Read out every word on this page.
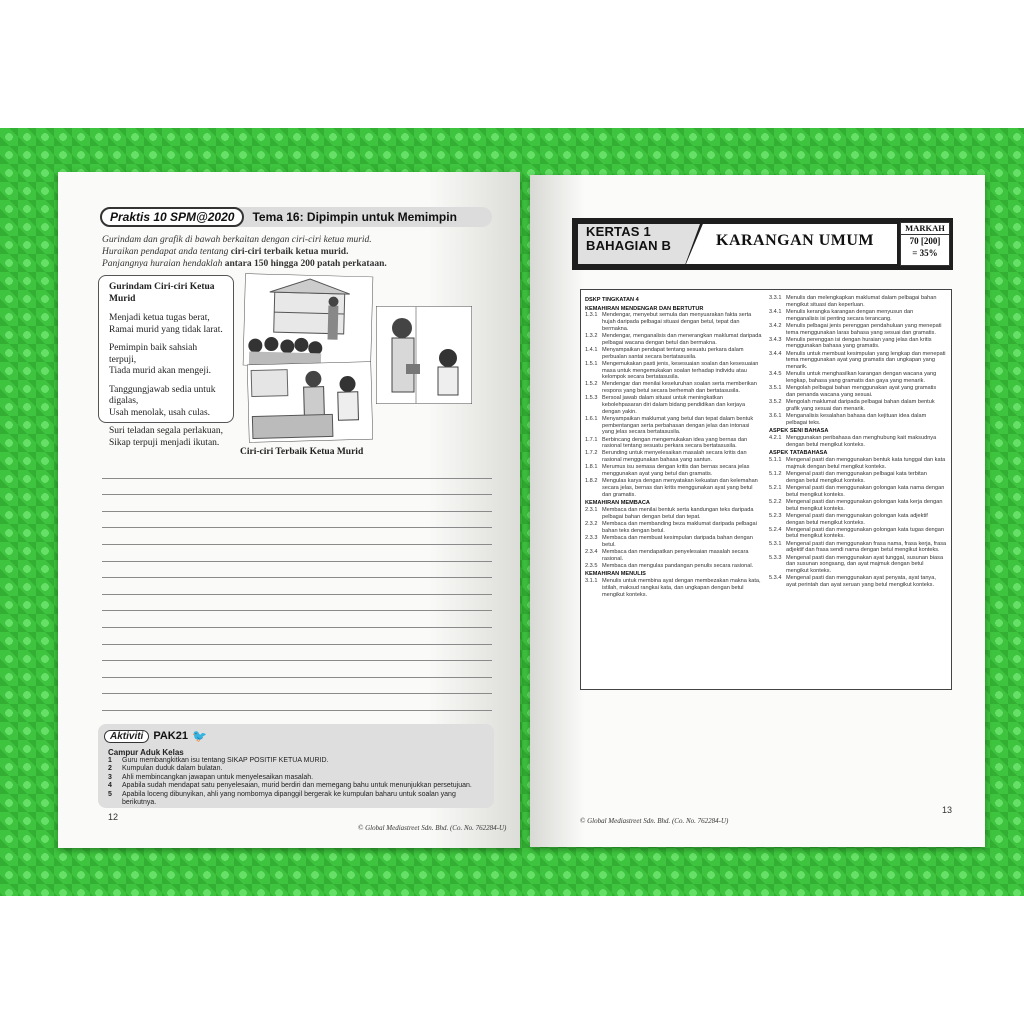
Praktis 10 SPM@2020	Tema 16: Dipimpin untuk Memimpin
Gurindam dan grafik di bawah berkaitan dengan ciri-ciri ketua murid.
Huraikan pendapat anda tentang ciri-ciri terbaik ketua murid.
Panjangnya huraian hendaklah antara 150 hingga 200 patah perkataan.
Gurindam Ciri-ciri Ketua Murid
Menjadi ketua tugas berat,
Ramai murid yang tidak larat.
Pemimpin baik sahsiah terpuji,
Tiada murid akan mengeji.
Tanggungjawab sedia untuk digalas,
Usah menolak, usah culas.
Suri teladan segala perlakuan,
Sikap terpuji menjadi ikutan.
Ciri-ciri Terbaik Ketua Murid
Aktiviti PAK21 🐦
Campur Aduk Kelas
1 Guru membangkitkan isu tentang SIKAP POSITIF KETUA MURID.
2 Kumpulan duduk dalam bulatan.
3 Ahli membincangkan jawapan untuk menyelesaikan masalah.
4 Apabila sudah mendapat satu penyelesaian, murid berdiri dan memegang bahu untuk menunjukkan persetujuan.
5 Apabila loceng dibunyikan, ahli yang nombornya dipanggil bergerak ke kumpulan baharu untuk soalan yang berikutnya.
12
© Global Mediastreet Sdn. Bhd. (Co. No. 762284-U)
KERTAS 1
BAHAGIAN B	KARANGAN UMUM
MARKAH
70 [200]
= 35%
DSKP TINGKATAN 4
KEMAHIRAN MENDENGAR DAN BERTUTUR
1.3.1 Mendengar, menyebut semula dan menyuarakan fakta serta hujah daripada pelbagai situasi dengan betul, tepat dan bermakna.
1.3.2 Mendengar, menganalisis dan menerangkan maklumat daripada pelbagai wacana dengan betul dan bermakna.
1.4.1 Menyampaikan pendapat tentang sesuatu perkara dalam perbualan santai secara bertatasusila.
1.5.1 Mengemukakan pasti jenis, kesesuaian soalan dan kesesuaian masa untuk mengemukakan soalan terhadap individu atau kelompok secara bertatasusila.
1.5.2 Mendengar dan menilai keseluruhan soalan serta memberikan respons yang betul secara berhemah dan bertatasusila.
1.5.3 Bersoal jawab dalam situasi untuk meningkatkan kebolehpasaran diri dalam bidang pendidikan dan kerjaya dengan yakin.
1.6.1 Menyampaikan maklumat yang betul dan tepat dalam bentuk pembentangan serta perbahasan dengan jelas dan intonasi yang jelas secara bertatasusila.
1.7.1 Berbincang dengan mengemukakan idea yang bernas dan rasional tentang sesuatu perkara secara bertatasusila.
1.7.2 Berunding untuk menyelesaikan masalah secara kritis dan rasional menggunakan bahasa yang santun.
1.8.1 Merumus isu semasa dengan kritis dan bernas secara jelas menggunakan ayat yang betul dan gramatis.
1.8.2 Mengulas karya dengan menyatakan kekuatan dan kelemahan secara jelas, bernas dan kritis menggunakan ayat yang betul dan gramatis.
KEMAHIRAN MEMBACA
2.3.1 Membaca dan menilai bentuk serta kandungan teks daripada pelbagai bahan dengan betul dan tepat.
2.3.2 Membaca dan membanding beza maklumat daripada pelbagai bahan teks dengan betul.
2.3.3 Membaca dan membuat kesimpulan daripada bahan dengan betul.
2.3.4 Membaca dan mendapatkan penyelesaian masalah secara rasional.
2.3.5 Membaca dan mengulas pandangan penulis secara rasional.
KEMAHIRAN MENULIS
3.1.1 Menulis untuk membina ayat dengan membezakan makna kata, istilah, maksud rangkai kata, dan ungkapan dengan betul mengikut konteks.
3.3.1 Menulis dan melengkapkan maklumat dalam pelbagai bahan mengikut situasi dan keperluan.
3.4.1 Menulis kerangka karangan dengan menyusun dan menganalisis isi penting secara terancang.
3.4.2 Menulis pelbagai jenis perenggan pendahuluan yang menepati tema menggunakan laras bahasa yang sesuai dan gramatis.
3.4.3 Menulis perenggan isi dengan huraian yang jelas dan kritis menggunakan bahasa yang gramatis.
3.4.4 Menulis untuk membuat kesimpulan yang lengkap dan menepati tema menggunakan ayat yang gramatis dan ungkapan yang menarik.
3.4.5 Menulis untuk menghasilkan karangan dengan wacana yang lengkap, bahasa yang gramatis dan gaya yang menarik.
3.5.1 Mengolah pelbagai bahan menggunakan ayat yang gramatis dan penanda wacana yang sesuai.
3.5.2 Mengolah maklumat daripada pelbagai bahan dalam bentuk grafik yang sesuai dan menarik.
3.6.1 Menganalisis kesalahan bahasa dan kejituan idea dalam pelbagai teks.
ASPEK SENI BAHASA
4.2.1 Menggunakan peribahasa dan menghubung kait maksudnya dengan betul mengikut konteks.
ASPEK TATABAHASA
5.1.1 Mengenal pasti dan menggunakan bentuk kata tunggal dan kata majmuk dengan betul mengikut konteks.
5.1.2 Mengenal pasti dan menggunakan pelbagai kata terbitan dengan betul mengikut konteks.
5.2.1 Mengenal pasti dan menggunakan golongan kata nama dengan betul mengikut konteks.
5.2.2 Mengenal pasti dan menggunakan golongan kata kerja dengan betul mengikut konteks.
5.2.3 Mengenal pasti dan menggunakan golongan kata adjektif dengan betul mengikut konteks.
5.2.4 Mengenal pasti dan menggunakan golongan kata tugas dengan betul mengikut konteks.
5.3.1 Mengenal pasti dan menggunakan frasa nama, frasa kerja, frasa adjektif dan frasa sendi nama dengan betul mengikut konteks.
5.3.3 Mengenal pasti dan menggunakan ayat tunggal, susunan biasa dan susunan songsang, dan ayat majmuk dengan betul mengikut konteks.
5.3.4 Mengenal pasti dan menggunakan ayat penyata, ayat tanya, ayat perintah dan ayat seruan yang betul mengikut konteks.
13
© Global Mediastreet Sdn. Bhd. (Co. No. 762284-U)
